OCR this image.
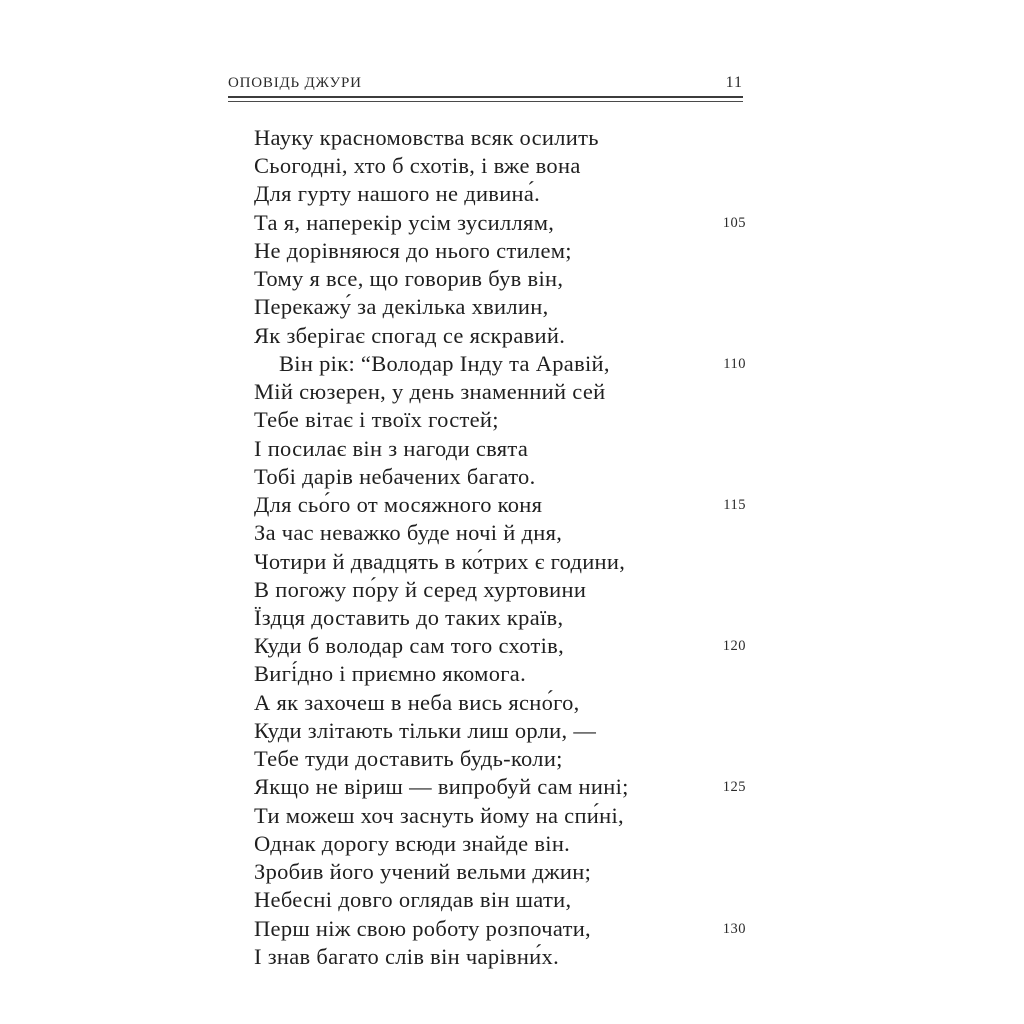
ОПОВІДЬ ДЖУРИ	11
Науку красномовства всяк осилить
Сьогодні, хто б схотів, і вже вона
Для гурту нашого не дивина́.
Та я, наперекір усім зусиллям,	105
Не дорівняюся до нього стилем;
Тому я все, що говорив був він,
Перекажу́ за декілька хвилин,
Як зберігає спогад се яскравий.
Він рік: “Володар Інду та Аравій,	110
Мій сюзерен, у день знаменний сей
Тебе вітає і твоїх гостей;
І посилає він з нагоди свята
Тобі дарів небачених багато.
Для сьо́го от мосяжного коня	115
За час неважко буде ночі й дня,
Чотири й двадцять в ко́трих є години,
В погожу по́ру й серед хуртовини
Їздця доставить до таких країв,
Куди б володар сам того схотів,	120
Вигі́дно і приємно якомога.
А як захочеш в неба вись ясно́го,
Куди злітають тільки лиш орли, —
Тебе туди доставить будь-коли;
Якщо не віриш — випробуй сам нині;	125
Ти можеш хоч заснуть йому на спи́ні,
Однак дорогу всюди знайде він.
Зробив його учений вельми джин;
Небесні довго оглядав він шати,
Перш ніж свою роботу розпочати,	130
І знав багато слів він чарівни́х.
